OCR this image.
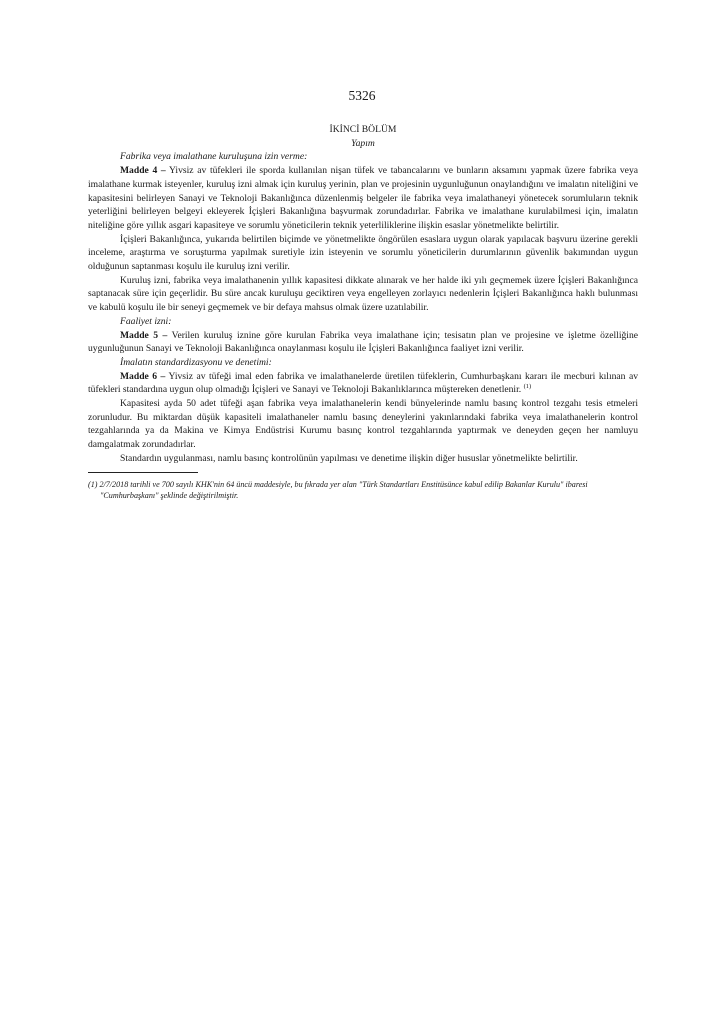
5326

İKİNCİ BÖLÜM

Yapım

Fabrika veya imalathane kuruluşuna izin verme:

Madde 4 – Yivsiz av tüfekleri ile sporda kullanılan nişan tüfek ve tabancalarını ve bunların aksamını yapmak üzere fabrika veya imalathane kurmak isteyenler, kuruluş izni almak için kuruluş yerinin, plan ve projesinin uygunluğunun onaylandığını ve imalatın niteliğini ve kapasitesini belirleyen Sanayi ve Teknoloji Bakanlığınca düzenlenmiş belgeler ile fabrika veya imalathaneyi yönetecek sorumluların teknik yeterliğini belirleyen belgeyi ekleyerek İçişleri Bakanlığına başvurmak zorundadırlar. Fabrika ve imalathane kurulabilmesi için, imalatın niteliğine göre yıllık asgari kapasiteye ve sorumlu yöneticilerin teknik yeterliliklerine ilişkin esaslar yönetmelikte belirtilir.

İçişleri Bakanlığınca, yukarıda belirtilen biçimde ve yönetmelikte öngörülen esaslara uygun olarak yapılacak başvuru üzerine gerekli inceleme, araştırma ve soruşturma yapılmak suretiyle izin isteyenin ve sorumlu yöneticilerin durumlarının güvenlik bakımından uygun olduğunun saptanması koşulu ile kuruluş izni verilir.

Kuruluş izni, fabrika veya imalathanenin yıllık kapasitesi dikkate alınarak ve her halde iki yılı geçmemek üzere İçişleri Bakanlığınca saptanacak süre için geçerlidir. Bu süre ancak kuruluşu geciktiren veya engelleyen zorlayıcı nedenlerin İçişleri Bakanlığınca haklı bulunması ve kabulü koşulu ile bir seneyi geçmemek ve bir defaya mahsus olmak üzere uzatılabilir.

Faaliyet izni:

Madde 5 – Verilen kuruluş iznine göre kurulan Fabrika veya imalathane için; tesisatın plan ve projesine ve işletme özelliğine uygunluğunun Sanayi ve Teknoloji Bakanlığınca onaylanması koşulu ile İçişleri Bakanlığınca faaliyet izni verilir.

İmalatın standardizasyonu ve denetimi:

Madde 6 – Yivsiz av tüfeği imal eden fabrika ve imalathanelerde üretilen tüfeklerin, Cumhurbaşkanı kararı ile mecburi kılınan av tüfekleri standardına uygun olup olmadığı İçişleri ve Sanayi ve Teknoloji Bakanlıklarınca müştereken denetlenir. $^{(1)}$

Kapasitesi ayda 50 adet tüfeği aşan fabrika veya imalathanelerin kendi bünyelerinde namlu basınç kontrol tezgahı tesis etmeleri zorunludur. Bu miktardan düşük kapasiteli imalathaneler namlu basınç deneylerini yakınlarındaki fabrika veya imalathanelerin kontrol tezgahlarında ya da Makina ve Kimya Endüstrisi Kurumu basınç kontrol tezgahlarında yaptırmak ve deneyden geçen her namluyu damgalatmak zorundadırlar.

Standardın uygulanması, namlu basınç kontrolünün yapılması ve denetime ilişkin diğer hususlar yönetmelikte belirtilir.

(1) 2/7/2018 tarihli ve 700 sayılı KHK'nin 64 üncü maddesiyle, bu fıkrada yer alan "Türk Standartları Enstitüsünce kabul edilip Bakanlar Kurulu" ibaresi "Cumhurbaşkanı" şeklinde değiştirilmiştir.
